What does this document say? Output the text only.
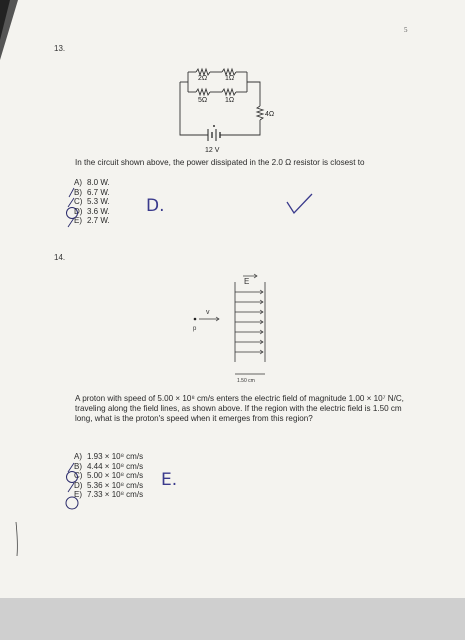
5
13.
2Ω	1Ω
5Ω	1Ω
4Ω
12 V
In the circuit shown above, the power dissipated in the 2.0 Ω resistor is closest to
A) 8.0 W.
B) 6.7 W.
C) 5.3 W.
D) 3.6 W.
E) 2.7 W.
D.
14.
E
v
p
1.50 cm
A proton with speed of 5.00 × 10⁸ cm/s enters the electric field of magnitude 1.00 × 10⁷ N/C, traveling along the field lines, as shown above. If the region with the electric field is 1.50 cm long, what is the proton's speed when it emerges from this region?
A) 1.93 × 10⁸ cm/s
B) 4.44 × 10⁸ cm/s
C) 5.00 × 10⁸ cm/s
D) 5.36 × 10⁸ cm/s
E) 7.33 × 10⁸ cm/s
E.
